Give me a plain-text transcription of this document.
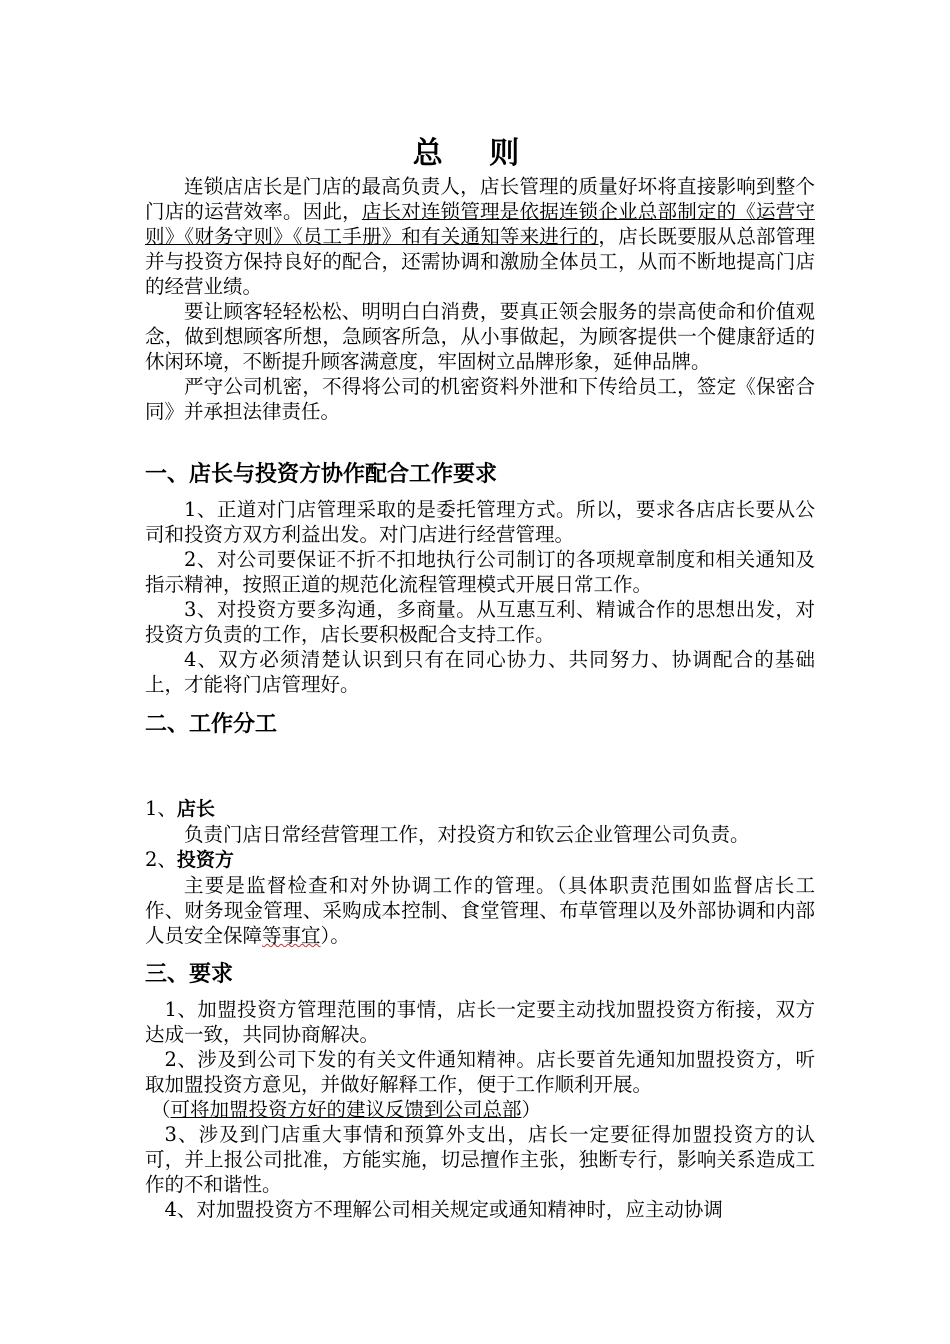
总 则

连锁店店长是门店的最高负责人，店长管理的质量好坏将直接影响到整个门店的运营效率。因此，店长对连锁管理是依据连锁企业总部制定的《运营守则》《财务守则》《员工手册》和有关通知等来进行的，店长既要服从总部管理并与投资方保持良好的配合，还需协调和激励全体员工，从而不断地提高门店的经营业绩。

要让顾客轻轻松松、明明白白消费，要真正领会服务的崇高使命和价值观念，做到想顾客所想，急顾客所急，从小事做起，为顾客提供一个健康舒适的休闲环境，不断提升顾客满意度，牢固树立品牌形象，延伸品牌。

严守公司机密，不得将公司的机密资料外泄和下传给员工，签定《保密合同》并承担法律责任。

一、店长与投资方协作配合工作要求

1、正道对门店管理采取的是委托管理方式。所以，要求各店店长要从公司和投资方双方利益出发。对门店进行经营管理。

2、对公司要保证不折不扣地执行公司制订的各项规章制度和相关通知及指示精神，按照正道的规范化流程管理模式开展日常工作。

3、对投资方要多沟通，多商量。从互惠互利、精诚合作的思想出发，对投资方负责的工作，店长要积极配合支持工作。

4、双方必须清楚认识到只有在同心协力、共同努力、协调配合的基础上，才能将门店管理好。

二、工作分工

1、店长

负责门店日常经营管理工作，对投资方和钦云企业管理公司负责。

2、投资方

主要是监督检查和对外协调工作的管理。（具体职责范围如监督店长工作、财务现金管理、采购成本控制、食堂管理、布草管理以及外部协调和内部人员安全保障等事宜）。

三、要求

1、加盟投资方管理范围的事情，店长一定要主动找加盟投资方衔接，双方达成一致，共同协商解决。

2、涉及到公司下发的有关文件通知精神。店长要首先通知加盟投资方，听取加盟投资方意见，并做好解释工作，便于工作顺利开展。

（可将加盟投资方好的建议反馈到公司总部）

3、涉及到门店重大事情和预算外支出，店长一定要征得加盟投资方的认可，并上报公司批准，方能实施，切忌擅作主张，独断专行，影响关系造成工作的不和谐性。

4、对加盟投资方不理解公司相关规定或通知精神时，应主动协调
